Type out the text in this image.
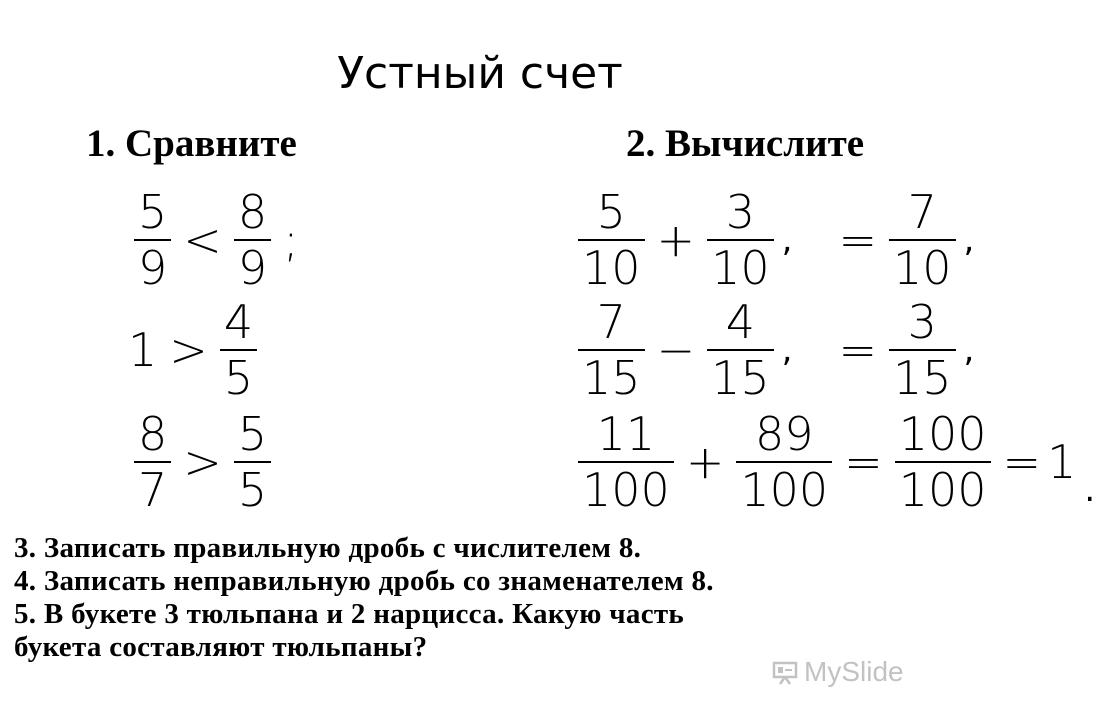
Устный счет
1. Сравните
$\frac{5}{9} < \frac{8}{9}$ ;
$1 > \frac{4}{5}$
$\frac{8}{7} > \frac{5}{5}$
2. Вычислите
$\frac{5}{10} + \frac{3}{10}$ , = $\frac{7}{10}$ ,
$\frac{7}{15} - \frac{4}{15}$ , = $\frac{3}{15}$ ,
$\frac{11}{100} + \frac{89}{100} = \frac{100}{100} = 1$
.
3. Записать правильную дробь с числителем 8.
4. Записать неправильную дробь со знаменателем 8.
5. В букете 3 тюльпана и 2 нарцисса. Какую часть
букета составляют тюльпаны?
MySlide
